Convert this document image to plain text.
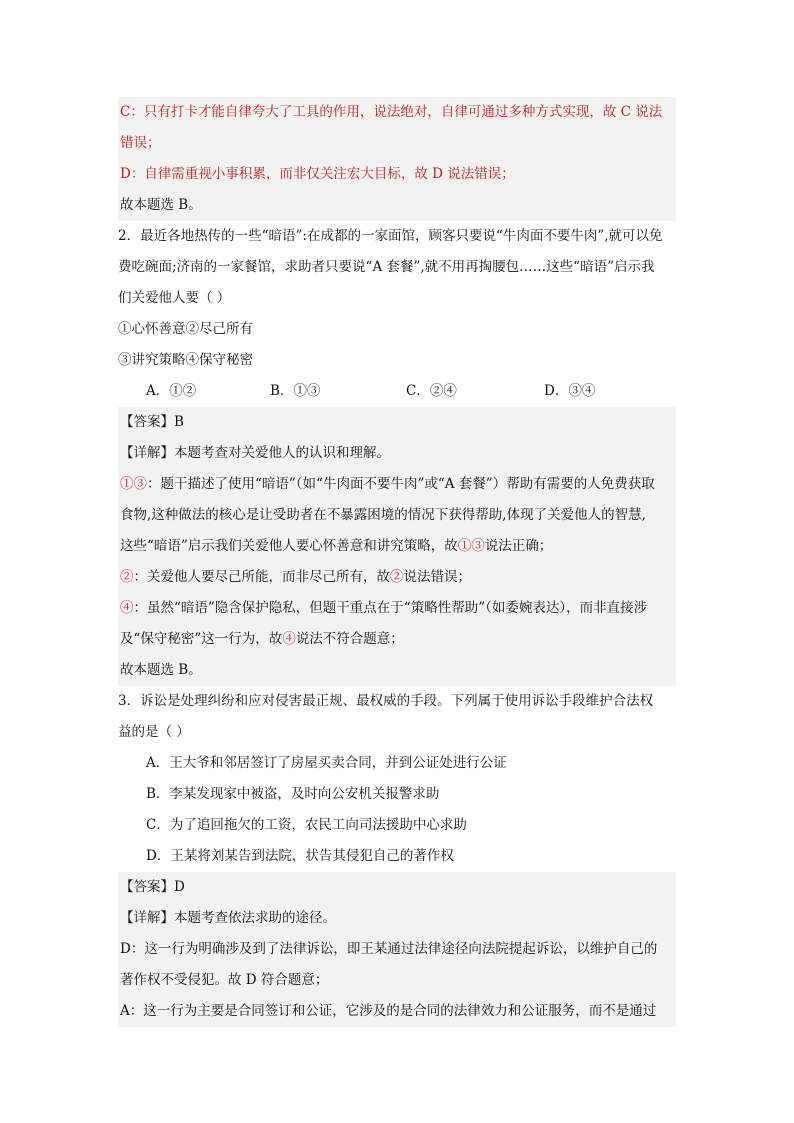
C：只有打卡才能自律夸大了工具的作用，说法绝对，自律可通过多种方式实现，故 C 说法
错误；
D：自律需重视小事积累，而非仅关注宏大目标，故 D 说法错误；
故本题选 B。
2．最近各地热传的一些“暗语”:在成都的一家面馆，顾客只要说“牛肉面不要牛肉”,就可以免
费吃碗面;济南的一家餐馆，求助者只要说“A 套餐”,就不用再掏腰包……这些“暗语”启示我
们关爱他人要（ ）
①心怀善意②尽己所有
③讲究策略④保守秘密
A．①②	B．①③	C．②④	D．③④
【答案】B
【详解】本题考查对关爱他人的认识和理解。
①③：题干描述了使用“暗语”（如“牛肉面不要牛肉”或“A 套餐”）帮助有需要的人免费获取
食物,这种做法的核心是让受助者在不暴露困境的情况下获得帮助,体现了关爱他人的智慧,
这些“暗语”启示我们关爱他人要心怀善意和讲究策略，故①③说法正确；
②：关爱他人要尽己所能，而非尽己所有，故②说法错误；
④：虽然“暗语”隐含保护隐私，但题干重点在于“策略性帮助”（如委婉表达），而非直接涉
及“保守秘密”这一行为，故④说法不符合题意；
故本题选 B。
3．诉讼是处理纠纷和应对侵害最正规、最权威的手段。下列属于使用诉讼手段维护合法权
益的是（ ）
A．王大爷和邻居签订了房屋买卖合同，并到公证处进行公证
B．李某发现家中被盗，及时向公安机关报警求助
C．为了追回拖欠的工资，农民工向司法援助中心求助
D．王某将刘某告到法院，状告其侵犯自己的著作权
【答案】D
【详解】本题考查依法求助的途径。
D：这一行为明确涉及到了法律诉讼，即王某通过法律途径向法院提起诉讼，以维护自己的
著作权不受侵犯。故 D 符合题意；
A：这一行为主要是合同签订和公证，它涉及的是合同的法律效力和公证服务，而不是通过
